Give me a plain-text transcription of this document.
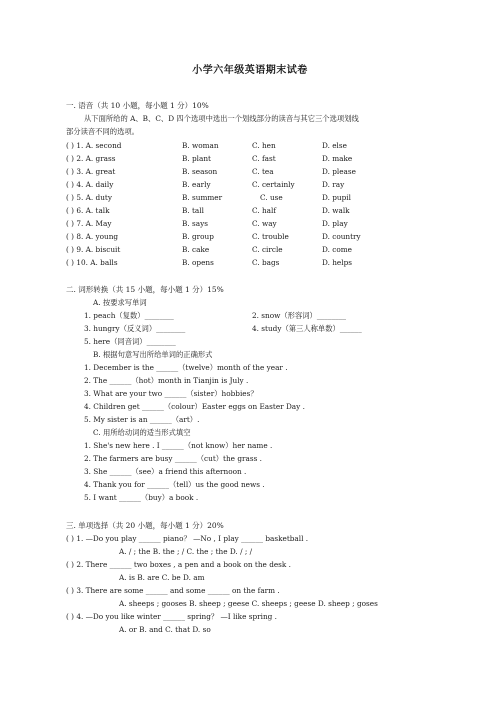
小学六年级英语期末试卷
一. 语音（共 10 小题，每小题 1 分）10%
从下面所给的 A、B、C、D 四个选项中选出一个划线部分的读音与其它三个选项划线
部分读音不同的选项。
( ) 1. A. second	B. woman	C. hen	D. else
( ) 2. A. grass	B. plant	C. fast	D. make
( ) 3. A. great	B. season	C. tea	D. please
( ) 4. A. daily	B. early	C. certainly	D. ray
( ) 5. A. duty	B. summer	C. use	D. pupil
( ) 6. A. talk	B. tall	C. half	D. walk
( ) 7. A. May	B. says	C. way	D. play
( ) 8. A. young	B. group	C. trouble	D. country
( ) 9. A. biscuit	B. cake	C. circle	D. come
( ) 10. A. balls	B. opens	C. bags	D. helps
二. 词形转换（共 15 小题，每小题 1 分）15%
A. 按要求写单词
1. peach（复数）________	2. snow（形容词）________
3. hungry（反义词）________	4. study（第三人称单数）______
5. here（同音词）________
B. 根据句意写出所给单词的正确形式
1. December is the ______（twelve）month of the year .
2. The ______（hot）month in Tianjin is July .
3. What are your two ______（sister）hobbies？
4. Children get ______（colour）Easter eggs on Easter Day .
5. My sister is an ______（art）.
C. 用所给动词的适当形式填空
1. She's new here . I ______（not know）her name .
2. The farmers are busy ______（cut）the grass .
3. She ______（see）a friend this afternoon .
4. Thank you for ______（tell）us the good news .
5. I want ______（buy）a book .
三. 单项选择（共 20 小题，每小题 1 分）20%
( ) 1. —Do you play ______ piano？ —No , I play ______ basketball .
A. / ; the B. the ; / C. the ; the D. / ; /
( ) 2. There ______ two boxes , a pen and a book on the desk .
A. is B. are C. be D. am
( ) 3. There are some ______ and some ______ on the farm .
A. sheeps ; gooses B. sheep ; geese C. sheeps ; geese D. sheep ; goses
( ) 4. —Do you like winter ______ spring？ —I like spring .
A. or B. and C. that D. so
